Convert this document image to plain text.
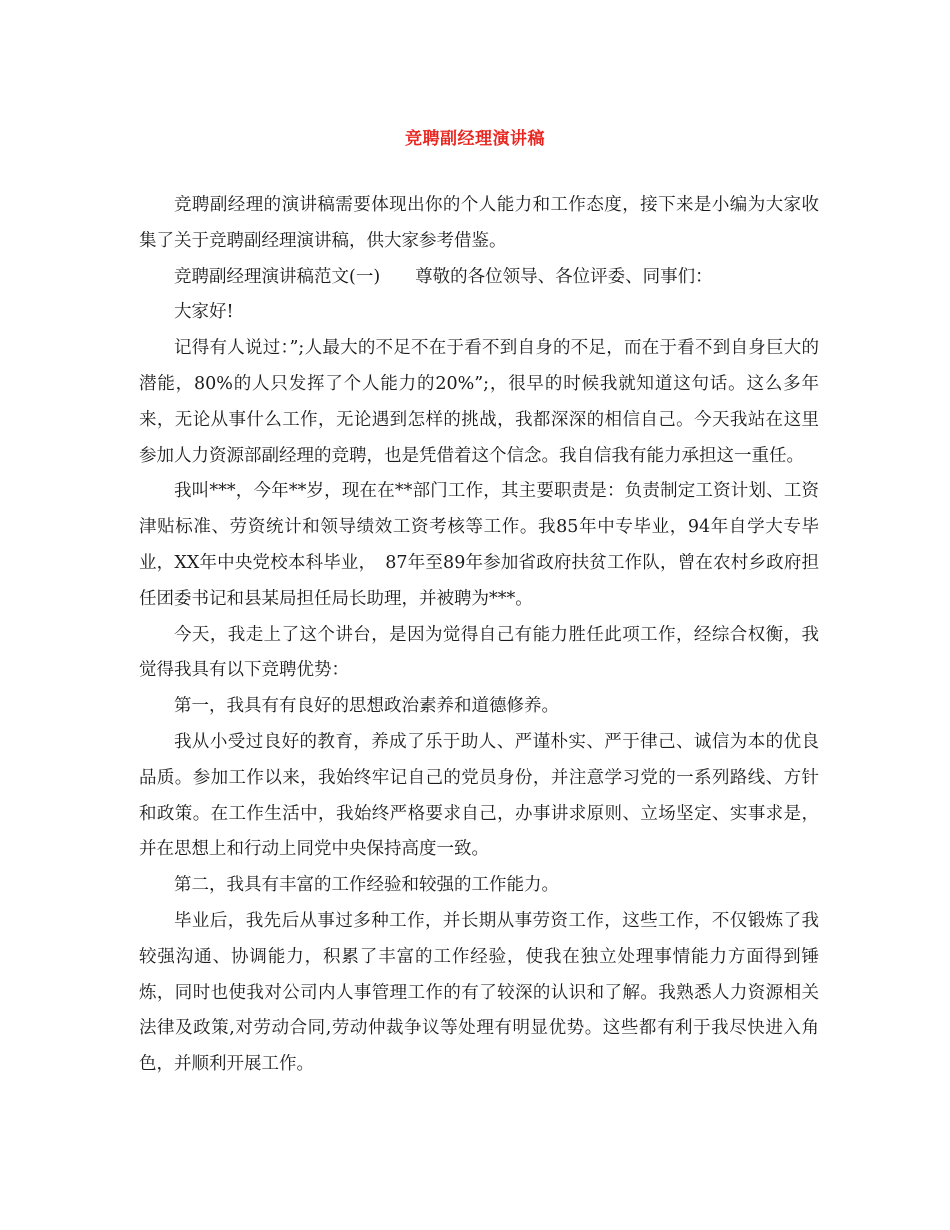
竞聘副经理演讲稿

竞聘副经理的演讲稿需要体现出你的个人能力和工作态度，接下来是小编为大家收集了关于竞聘副经理演讲稿，供大家参考借鉴。

竞聘副经理演讲稿范文(一)　　尊敬的各位领导、各位评委、同事们：

大家好!

记得有人说过：”;人最大的不足不在于看不到自身的不足，而在于看不到自身巨大的潜能，80%的人只发挥了个人能力的20%”;，很早的时候我就知道这句话。这么多年来，无论从事什么工作，无论遇到怎样的挑战，我都深深的相信自己。今天我站在这里参加人力资源部副经理的竞聘，也是凭借着这个信念。我自信我有能力承担这一重任。

我叫***，今年**岁，现在在**部门工作，其主要职责是：负责制定工资计划、工资津贴标准、劳资统计和领导绩效工资考核等工作。我85年中专毕业，94年自学大专毕业，XX年中央党校本科毕业，　87年至89年参加省政府扶贫工作队，曾在农村乡政府担任团委书记和县某局担任局长助理，并被聘为***。

今天，我走上了这个讲台，是因为觉得自己有能力胜任此项工作，经综合权衡，我觉得我具有以下竞聘优势：

第一，我具有有良好的思想政治素养和道德修养。

我从小受过良好的教育，养成了乐于助人、严谨朴实、严于律己、诚信为本的优良品质。参加工作以来，我始终牢记自己的党员身份，并注意学习党的一系列路线、方针和政策。在工作生活中，我始终严格要求自己，办事讲求原则、立场坚定、实事求是，并在思想上和行动上同党中央保持高度一致。

第二，我具有丰富的工作经验和较强的工作能力。

毕业后，我先后从事过多种工作，并长期从事劳资工作，这些工作，不仅锻炼了我较强沟通、协调能力，积累了丰富的工作经验，使我在独立处理事情能力方面得到锤炼，同时也使我对公司内人事管理工作的有了较深的认识和了解。我熟悉人力资源相关法律及政策,对劳动合同,劳动仲裁争议等处理有明显优势。这些都有利于我尽快进入角色，并顺利开展工作。
